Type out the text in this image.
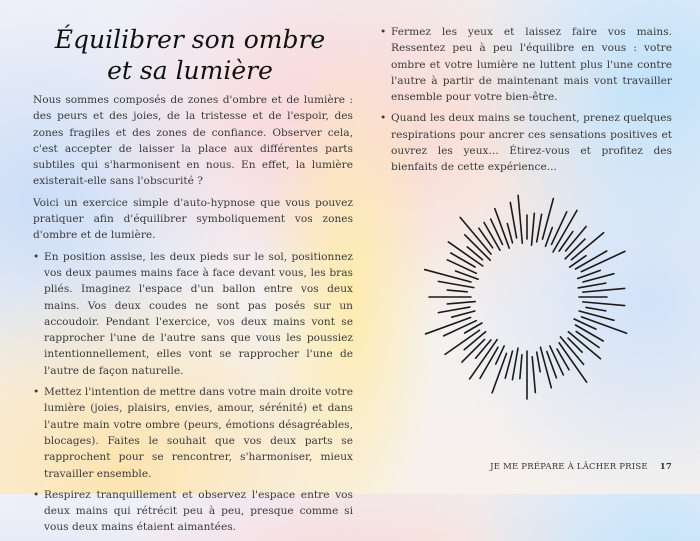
Équilibrer son ombre
et sa lumière

Nous sommes composés de zones d'ombre et de lumière : des peurs et des joies, de la tristesse et de l'espoir, des zones fragiles et des zones de confiance. Observer cela, c'est accepter de laisser la place aux différentes parts subtiles qui s'harmonisent en nous. En effet, la lumière existerait-elle sans l'obscurité ?

Voici un exercice simple d'auto-hypnose que vous pouvez pratiquer afin d'équilibrer symboliquement vos zones d'ombre et de lumière.

• En position assise, les deux pieds sur le sol, positionnez vos deux paumes mains face à face devant vous, les bras pliés. Imaginez l'espace d'un ballon entre vos deux mains. Vos deux coudes ne sont pas posés sur un accoudoir. Pendant l'exercice, vos deux mains vont se rapprocher l'une de l'autre sans que vous les poussiez intentionnellement, elles vont se rapprocher l'une de l'autre de façon naturelle.
• Mettez l'intention de mettre dans votre main droite votre lumière (joies, plaisirs, envies, amour, sérénité) et dans l'autre main votre ombre (peurs, émotions désagréables, blocages). Faites le souhait que vos deux parts se rapprochent pour se rencontrer, s'harmoniser, mieux travailler ensemble.
• Respirez tranquillement et observez l'espace entre vos deux mains qui rétrécit peu à peu, presque comme si vous deux mains étaient aimantées.
• Fermez les yeux et laissez faire vos mains. Ressentez peu à peu l'équilibre en vous : votre ombre et votre lumière ne luttent plus l'une contre l'autre à partir de maintenant mais vont travailler ensemble pour votre bien-être.
• Quand les deux mains se touchent, prenez quelques respirations pour ancrer ces sensations positives et ouvrez les yeux... Étirez-vous et profitez des bienfaits de cette expérience...
JE ME PRÉPARE À LÂCHER PRISE 17
